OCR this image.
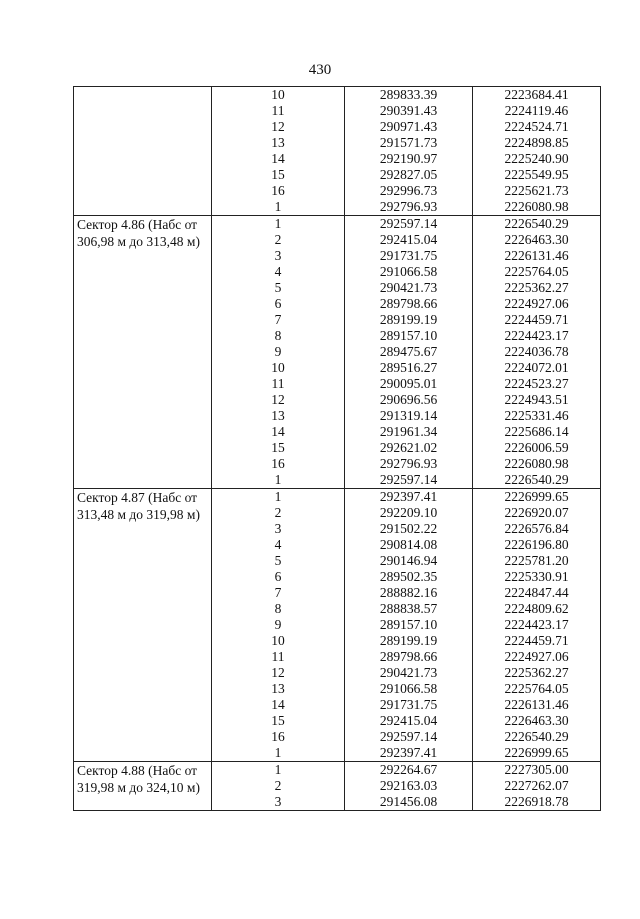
430
	10	289833.39	2223684.41
	11	290391.43	2224119.46
	12	290971.43	2224524.71
	13	291571.73	2224898.85
	14	292190.97	2225240.90
	15	292827.05	2225549.95
	16	292996.73	2225621.73
	1	292796.93	2226080.98
Сектор 4.86 (Набс от 306,98 м до 313,48 м)	1	292597.14	2226540.29
	2	292415.04	2226463.30
	3	291731.75	2226131.46
	4	291066.58	2225764.05
	5	290421.73	2225362.27
	6	289798.66	2224927.06
	7	289199.19	2224459.71
	8	289157.10	2224423.17
	9	289475.67	2224036.78
	10	289516.27	2224072.01
	11	290095.01	2224523.27
	12	290696.56	2224943.51
	13	291319.14	2225331.46
	14	291961.34	2225686.14
	15	292621.02	2226006.59
	16	292796.93	2226080.98
	1	292597.14	2226540.29
Сектор 4.87 (Набс от 313,48 м до 319,98 м)	1	292397.41	2226999.65
	2	292209.10	2226920.07
	3	291502.22	2226576.84
	4	290814.08	2226196.80
	5	290146.94	2225781.20
	6	289502.35	2225330.91
	7	288882.16	2224847.44
	8	288838.57	2224809.62
	9	289157.10	2224423.17
	10	289199.19	2224459.71
	11	289798.66	2224927.06
	12	290421.73	2225362.27
	13	291066.58	2225764.05
	14	291731.75	2226131.46
	15	292415.04	2226463.30
	16	292597.14	2226540.29
	1	292397.41	2226999.65
Сектор 4.88 (Набс от 319,98 м до 324,10 м)	1	292264.67	2227305.00
	2	292163.03	2227262.07
	3	291456.08	2226918.78
